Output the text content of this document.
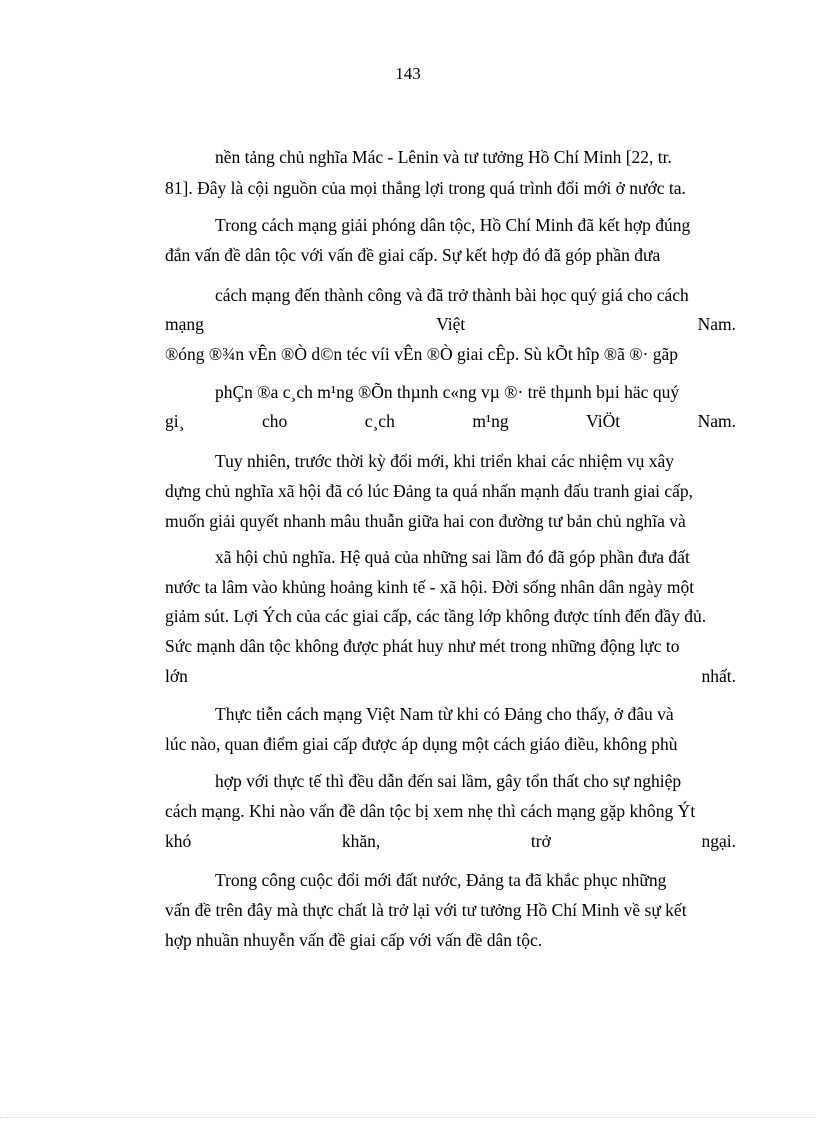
143
nền tảng chủ nghĩa Mác - Lênin và tư tưởng Hồ Chí Minh [22, tr.
81]. Đây là cội nguồn của mọi thắng lợi trong quá trình đổi mới ở nước ta.
Trong cách mạng giải phóng dân tộc, Hồ Chí Minh đã kết hợp đúng
đắn vấn đề dân tộc với vấn đề giai cấp. Sự kết hợp đó đã góp phần đưa
cách mạng đến thành công và đã trở thành bài học quý giá cho cách
mạng	Việt	Nam.
®óng ®¾n vÊn ®Ò d©n téc víi vÊn ®Ò giai cÊp. Sù kÕt hîp ®ã ®· gãp
phÇn ®a c¸ch m¹ng ®Õn thµnh c«ng vµ ®· trë thµnh bµi häc quý
gi¸	cho	c¸ch	m¹ng	ViÖt	Nam.
Tuy nhiên, trước thời kỳ đổi mới, khi triển khai các nhiệm vụ xây
dựng chủ nghĩa xã hội đã có lúc Đảng ta quá nhấn mạnh đấu tranh giai cấp,
muốn giải quyết nhanh mâu thuẫn giữa hai con đường tư bản chủ nghĩa và
xã hội chủ nghĩa. Hệ quả của những sai lầm đó đã góp phần đưa đất
nước ta lâm vào khủng hoảng kinh tế - xã hội. Đời sống nhân dân ngày một
giảm sút. Lợi Ých của các giai cấp, các tầng lớp không được tính đến đầy đủ.
Sức mạnh dân tộc không được phát huy như mét trong những động lực to
lớn	nhất.
Thực tiễn cách mạng Việt Nam từ khi có Đảng cho thấy, ở đâu và
lúc nào, quan điểm giai cấp được áp dụng một cách giáo điều, không phù
hợp với thực tế thì đều dẫn đến sai lầm, gây tổn thất cho sự nghiệp
cách mạng. Khi nào vấn đề dân tộc bị xem nhẹ thì cách mạng gặp không Ýt
khó	khăn,	trở	ngại.
Trong công cuộc đổi mới đất nước, Đảng ta đã khắc phục những
vấn đề trên đây mà thực chất là trở lại với tư tưởng Hồ Chí Minh về sự kết
hợp nhuần nhuyễn vấn đề giai cấp với vấn đề dân tộc.
